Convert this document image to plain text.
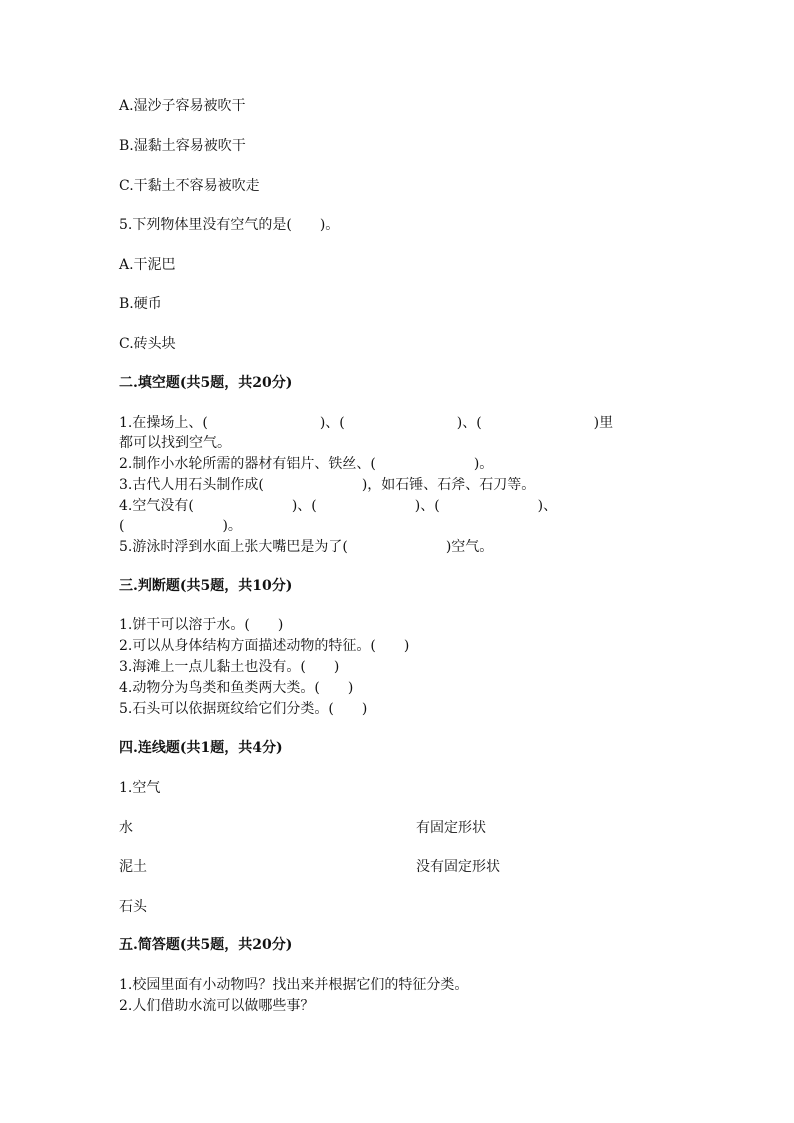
A.湿沙子容易被吹干
B.湿黏土容易被吹干
C.干黏土不容易被吹走
5.下列物体里没有空气的是(　　)。
A.干泥巴
B.硬币
C.砖头块
二.填空题(共5题，共20分)
1.在操场上、(　　　　　　　　)、(　　　　　　　　)、(　　　　　　　　)里
都可以找到空气。
2.制作小水轮所需的器材有铝片、铁丝、(　　　　　　　)。
3.古代人用石头制作成(　　　　　　　)，如石锤、石斧、石刀等。
4.空气没有(　　　　　　　)、(　　　　　　　)、(　　　　　　　)、
(　　　　　　　)。
5.游泳时浮到水面上张大嘴巴是为了(　　　　　　　)空气。
三.判断题(共5题，共10分)
1.饼干可以溶于水。(　　)
2.可以从身体结构方面描述动物的特征。(　　)
3.海滩上一点儿黏土也没有。(　　)
4.动物分为鸟类和鱼类两大类。(　　)
5.石头可以依据斑纹给它们分类。(　　)
四.连线题(共1题，共4分)
1.空气
水	有固定形状
泥土	没有固定形状
石头
五.简答题(共5题，共20分)
1.校园里面有小动物吗？找出来并根据它们的特征分类。
2.人们借助水流可以做哪些事？
